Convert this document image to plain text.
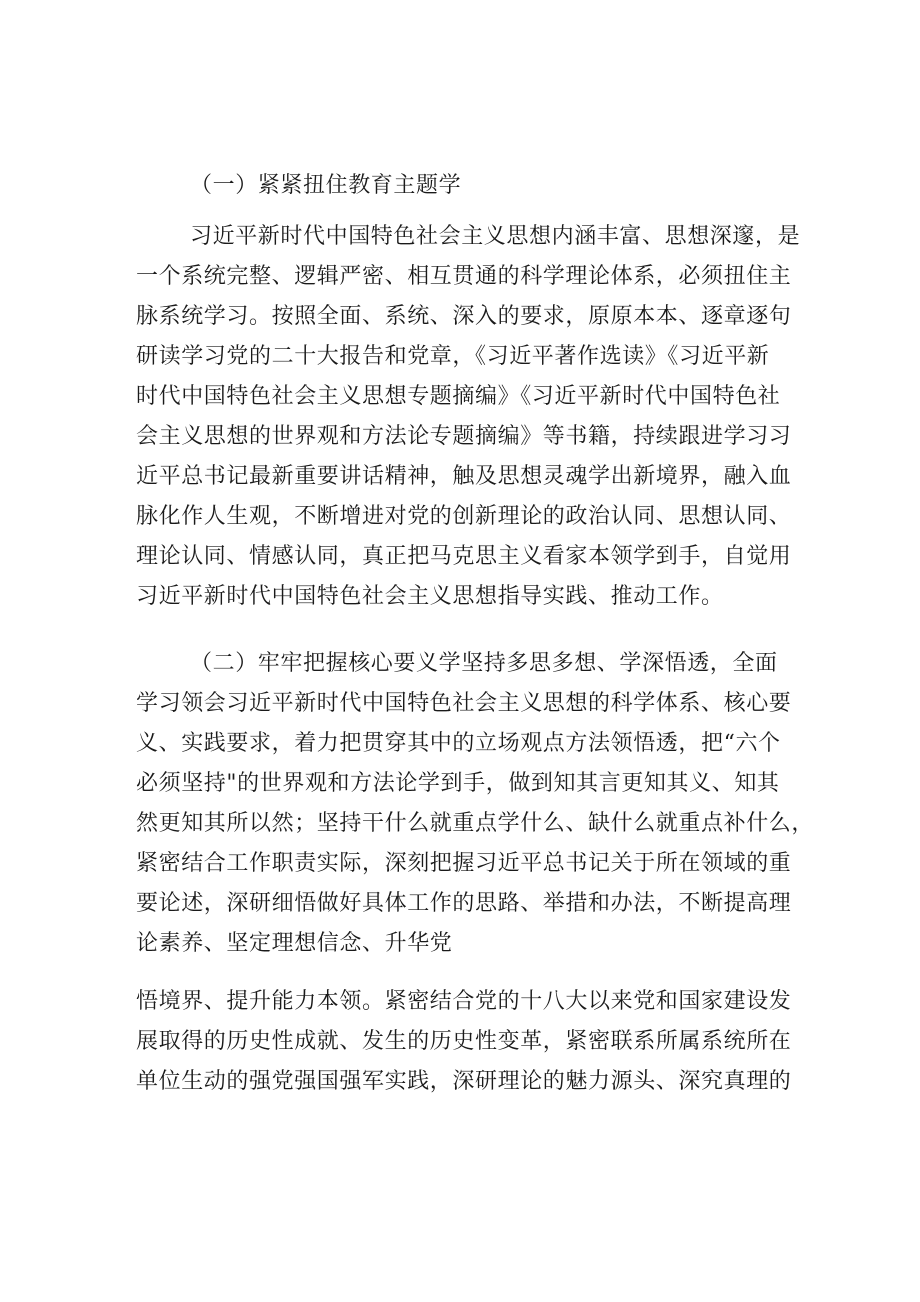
（一）紧紧扭住教育主题学
习近平新时代中国特色社会主义思想内涵丰富、思想深邃，是
一个系统完整、逻辑严密、相互贯通的科学理论体系，必须扭住主
脉系统学习。按照全面、系统、深入的要求，原原本本、逐章逐句
研读学习党的二十大报告和党章，《习近平著作选读》《习近平新
时代中国特色社会主义思想专题摘编》《习近平新时代中国特色社
会主义思想的世界观和方法论专题摘编》等书籍，持续跟进学习习
近平总书记最新重要讲话精神，触及思想灵魂学出新境界，融入血
脉化作人生观，不断增进对党的创新理论的政治认同、思想认同、
理论认同、情感认同，真正把马克思主义看家本领学到手，自觉用
习近平新时代中国特色社会主义思想指导实践、推动工作。
（二）牢牢把握核心要义学坚持多思多想、学深悟透，全面
学习领会习近平新时代中国特色社会主义思想的科学体系、核心要
义、实践要求，着力把贯穿其中的立场观点方法领悟透，把“六个
必须坚持"的世界观和方法论学到手，做到知其言更知其义、知其
然更知其所以然；坚持干什么就重点学什么、缺什么就重点补什么，
紧密结合工作职责实际，深刻把握习近平总书记关于所在领域的重
要论述，深研细悟做好具体工作的思路、举措和办法，不断提高理
论素养、坚定理想信念、升华党
悟境界、提升能力本领。紧密结合党的十八大以来党和国家建设发
展取得的历史性成就、发生的历史性变革，紧密联系所属系统所在
单位生动的强党强国强军实践，深研理论的魅力源头、深究真理的
